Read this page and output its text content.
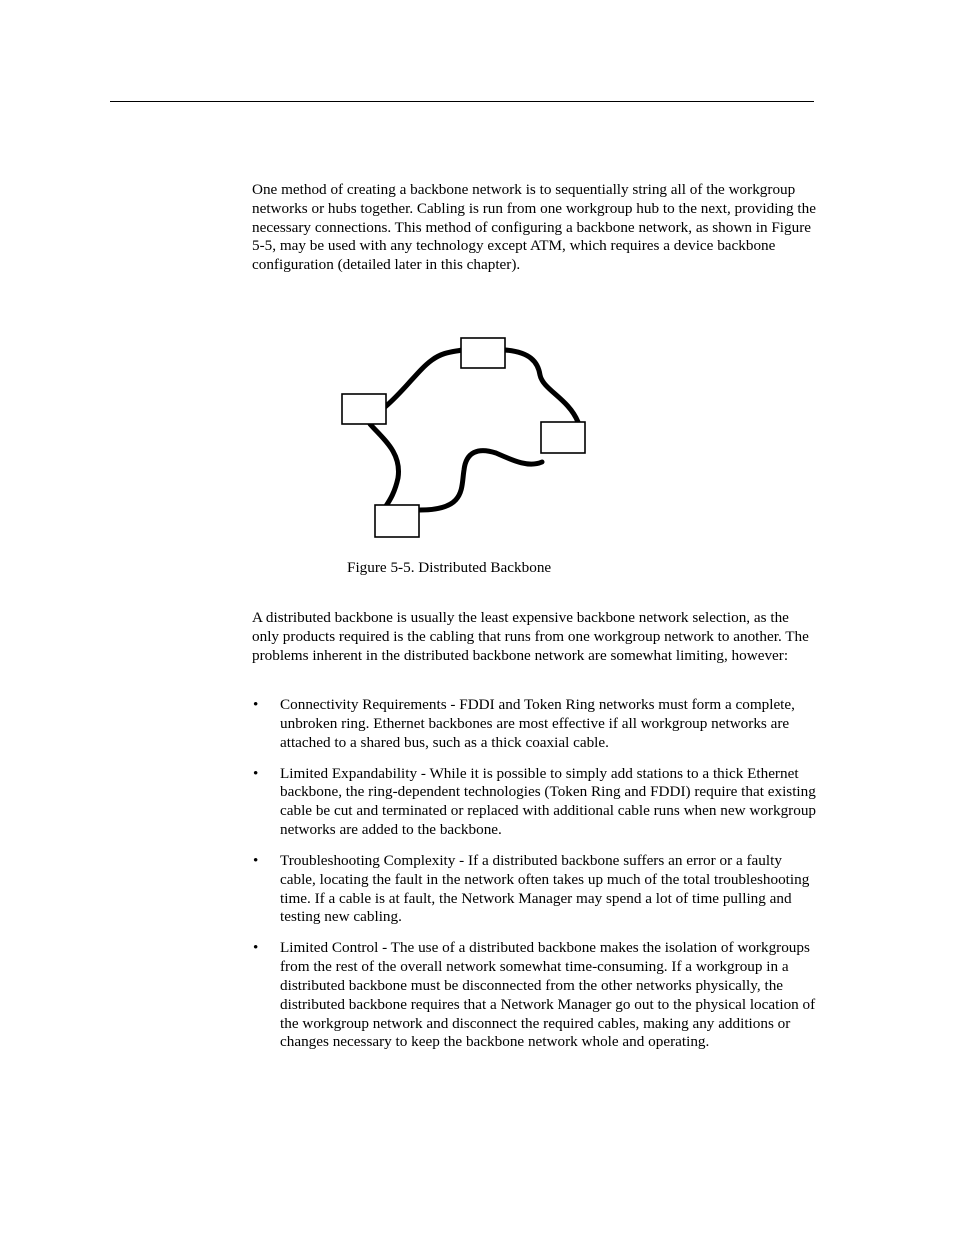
One method of creating a backbone network is to sequentially string all of the workgroup networks or hubs together. Cabling is run from one workgroup hub to the next, providing the necessary connections. This method of configuring a backbone network, as shown in Figure 5-5, may be used with any technology except ATM, which requires a device backbone configuration (detailed later in this chapter).

Figure 5-5. Distributed Backbone

A distributed backbone is usually the least expensive backbone network selection, as the only products required is the cabling that runs from one workgroup network to another. The problems inherent in the distributed backbone network are somewhat limiting, however:

• Connectivity Requirements - FDDI and Token Ring networks must form a complete, unbroken ring. Ethernet backbones are most effective if all workgroup networks are attached to a shared bus, such as a thick coaxial cable.
• Limited Expandability - While it is possible to simply add stations to a thick Ethernet backbone, the ring-dependent technologies (Token Ring and FDDI) require that existing cable be cut and terminated or replaced with additional cable runs when new workgroup networks are added to the backbone.
• Troubleshooting Complexity - If a distributed backbone suffers an error or a faulty cable, locating the fault in the network often takes up much of the total troubleshooting time. If a cable is at fault, the Network Manager may spend a lot of time pulling and testing new cabling.
• Limited Control - The use of a distributed backbone makes the isolation of workgroups from the rest of the overall network somewhat time-consuming. If a workgroup in a distributed backbone must be disconnected from the other networks physically, the distributed backbone requires that a Network Manager go out to the physical location of the workgroup network and disconnect the required cables, making any additions or changes necessary to keep the backbone network whole and operating.
